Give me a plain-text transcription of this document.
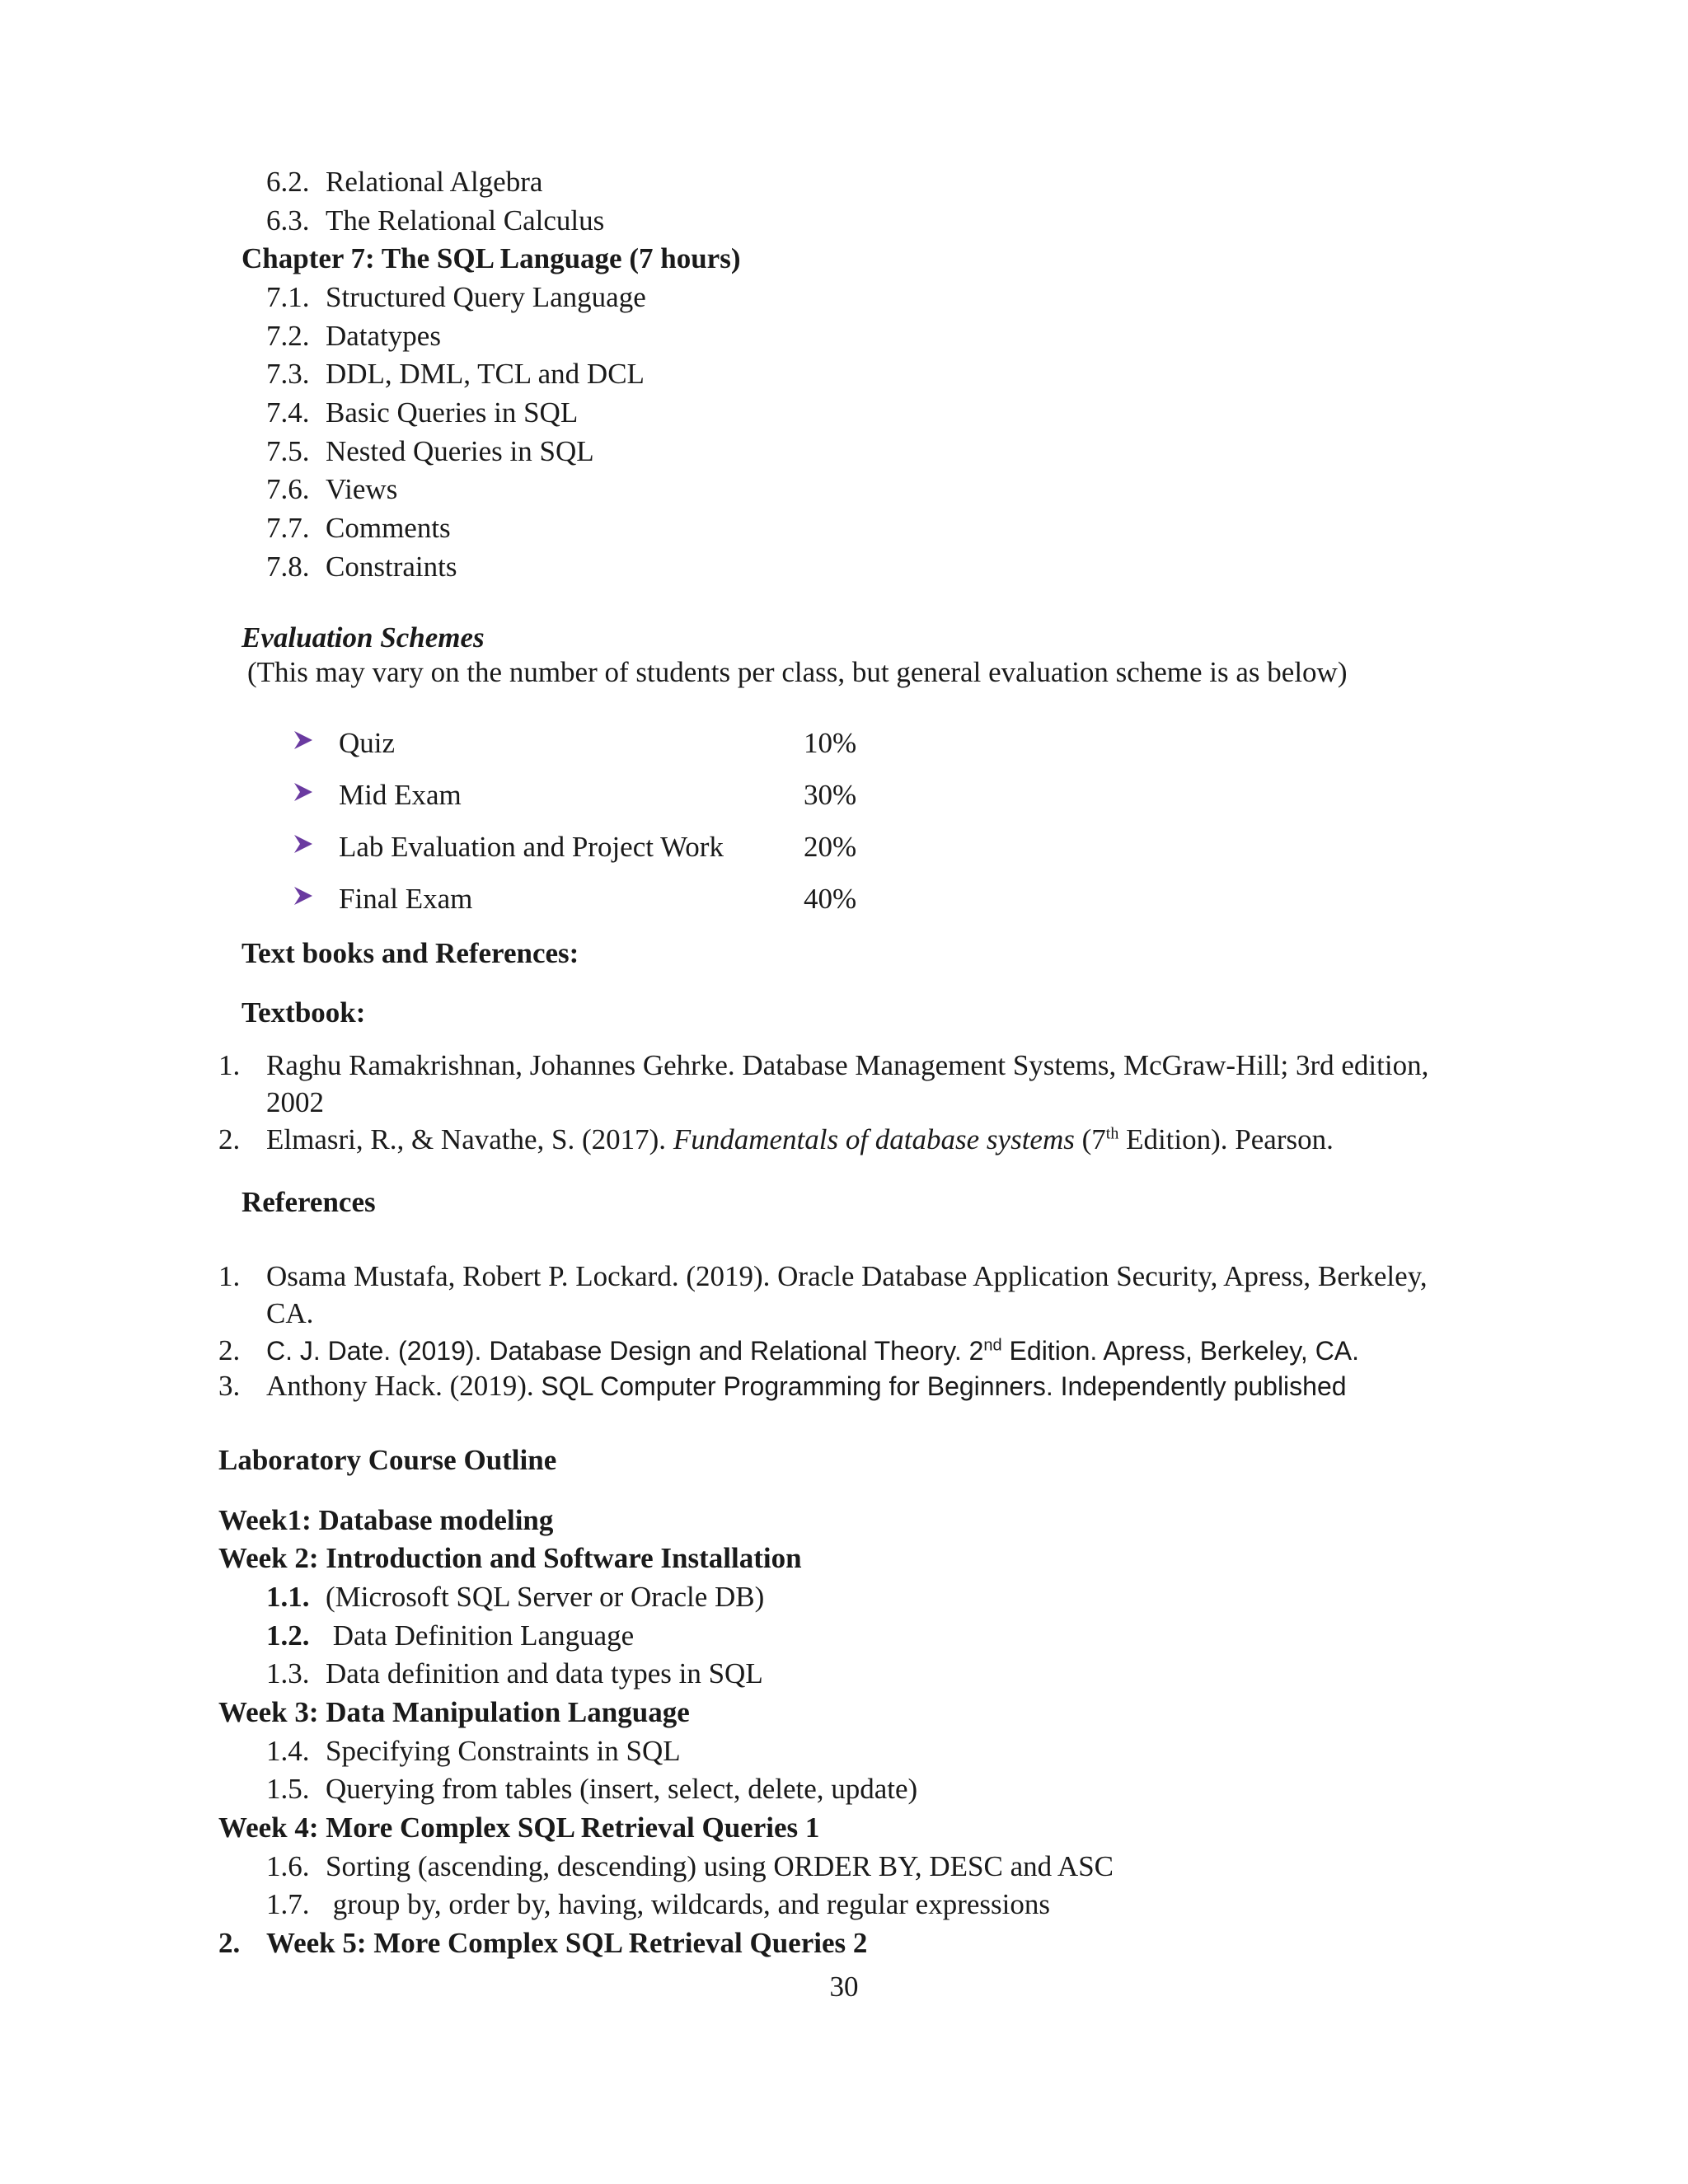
6.2. Relational Algebra
6.3. The Relational Calculus
Chapter 7: The SQL Language (7 hours)
7.1. Structured Query Language
7.2. Datatypes
7.3. DDL, DML, TCL and DCL
7.4. Basic Queries in SQL
7.5. Nested Queries in SQL
7.6. Views
7.7. Comments
7.8. Constraints
Evaluation Schemes
(This may vary on the number of students per class, but general evaluation scheme is as below)
Quiz	10%
Mid Exam	30%
Lab Evaluation and Project Work	20%
Final Exam	40%
Text books and References:
Textbook:
1. Raghu Ramakrishnan, Johannes Gehrke. Database Management Systems, McGraw-Hill; 3rd edition,
2002
2. Elmasri, R., & Navathe, S. (2017). Fundamentals of database systems (7th Edition). Pearson.
References
1. Osama Mustafa, Robert P. Lockard. (2019). Oracle Database Application Security, Apress, Berkeley,
CA.
2. C. J. Date. (2019). Database Design and Relational Theory. 2nd Edition. Apress, Berkeley, CA.
3. Anthony Hack. (2019). SQL Computer Programming for Beginners. Independently published
Laboratory Course Outline
Week1: Database modeling
Week 2: Introduction and Software Installation
1.1. (Microsoft SQL Server or Oracle DB)
1.2. Data Definition Language
1.3. Data definition and data types in SQL
Week 3: Data Manipulation Language
1.4. Specifying Constraints in SQL
1.5. Querying from tables (insert, select, delete, update)
Week 4: More Complex SQL Retrieval Queries 1
1.6. Sorting (ascending, descending) using ORDER BY, DESC and ASC
1.7. group by, order by, having, wildcards, and regular expressions
2. Week 5: More Complex SQL Retrieval Queries 2
30
